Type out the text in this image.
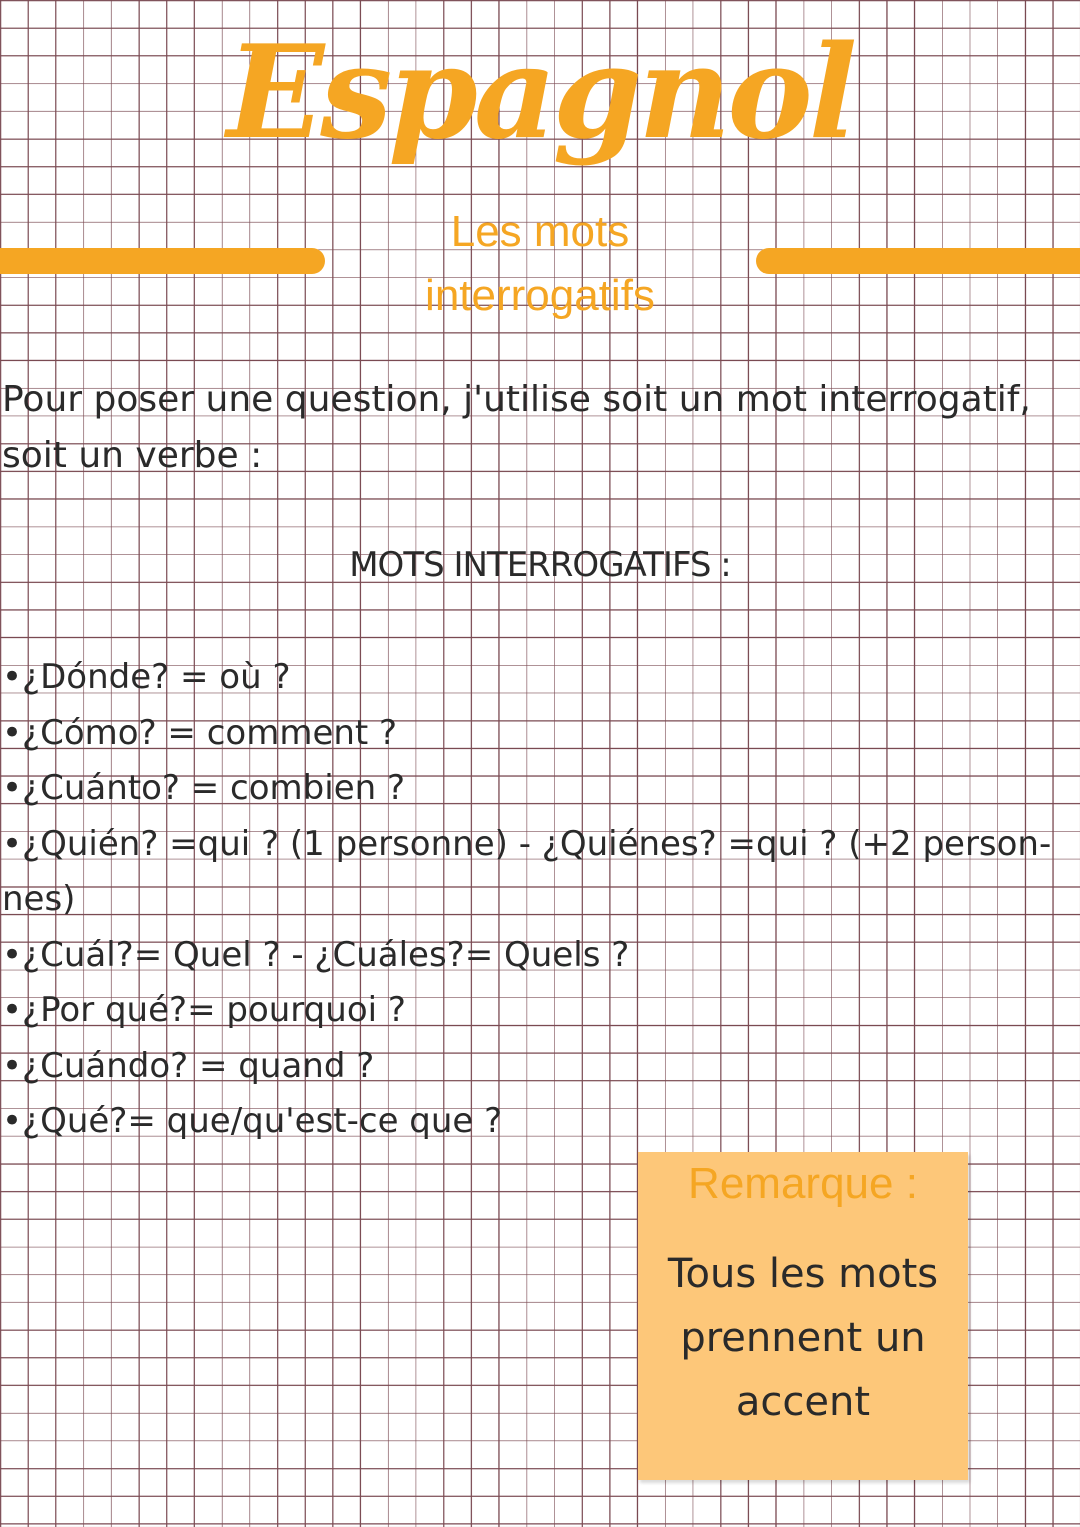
Espagnol
Les mots
interrogatifs
Pour poser une question, j'utilise soit un mot interrogatif,
soit un verbe :
MOTS INTERROGATIFS :
•¿Dónde? = où ?
•¿Cómo? = comment ?
•¿Cuánto? = combien ?
•¿Quién? =qui ? (1 personne) - ¿Quiénes? =qui ? (+2 person-
nes)
•¿Cuál?= Quel ? - ¿Cuáles?= Quels ?
•¿Por qué?= pourquoi ?
•¿Cuándo? = quand ?
•¿Qué?= que/qu'est-ce que ?
Remarque :
Tous les mots
prennent un
accent
